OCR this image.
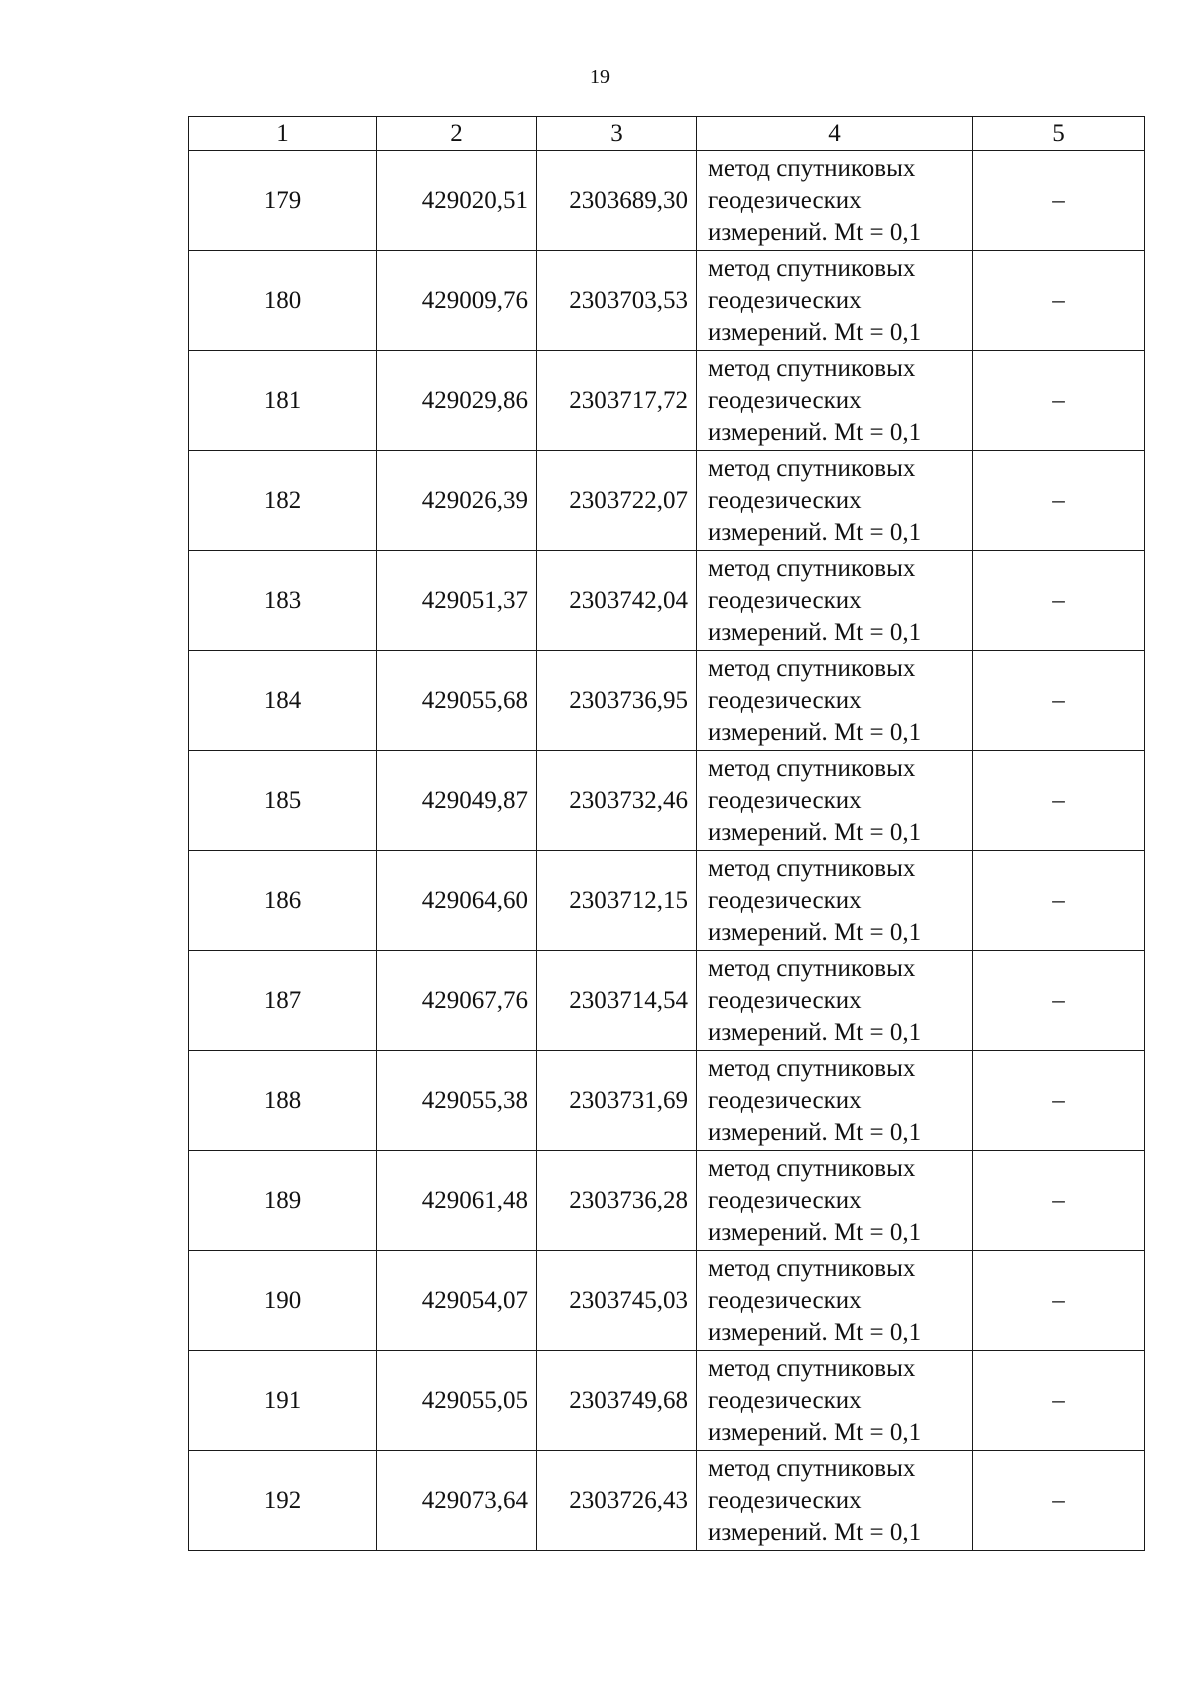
19
1	2	3	4	5
179	429020,51	2303689,30	метод спутниковых
геодезических
измерений. Mt = 0,1	–
180	429009,76	2303703,53	метод спутниковых
геодезических
измерений. Mt = 0,1	–
181	429029,86	2303717,72	метод спутниковых
геодезических
измерений. Mt = 0,1	–
182	429026,39	2303722,07	метод спутниковых
геодезических
измерений. Mt = 0,1	–
183	429051,37	2303742,04	метод спутниковых
геодезических
измерений. Mt = 0,1	–
184	429055,68	2303736,95	метод спутниковых
геодезических
измерений. Mt = 0,1	–
185	429049,87	2303732,46	метод спутниковых
геодезических
измерений. Mt = 0,1	–
186	429064,60	2303712,15	метод спутниковых
геодезических
измерений. Mt = 0,1	–
187	429067,76	2303714,54	метод спутниковых
геодезических
измерений. Mt = 0,1	–
188	429055,38	2303731,69	метод спутниковых
геодезических
измерений. Mt = 0,1	–
189	429061,48	2303736,28	метод спутниковых
геодезических
измерений. Mt = 0,1	–
190	429054,07	2303745,03	метод спутниковых
геодезических
измерений. Mt = 0,1	–
191	429055,05	2303749,68	метод спутниковых
геодезических
измерений. Mt = 0,1	–
192	429073,64	2303726,43	метод спутниковых
геодезических
измерений. Mt = 0,1	–
